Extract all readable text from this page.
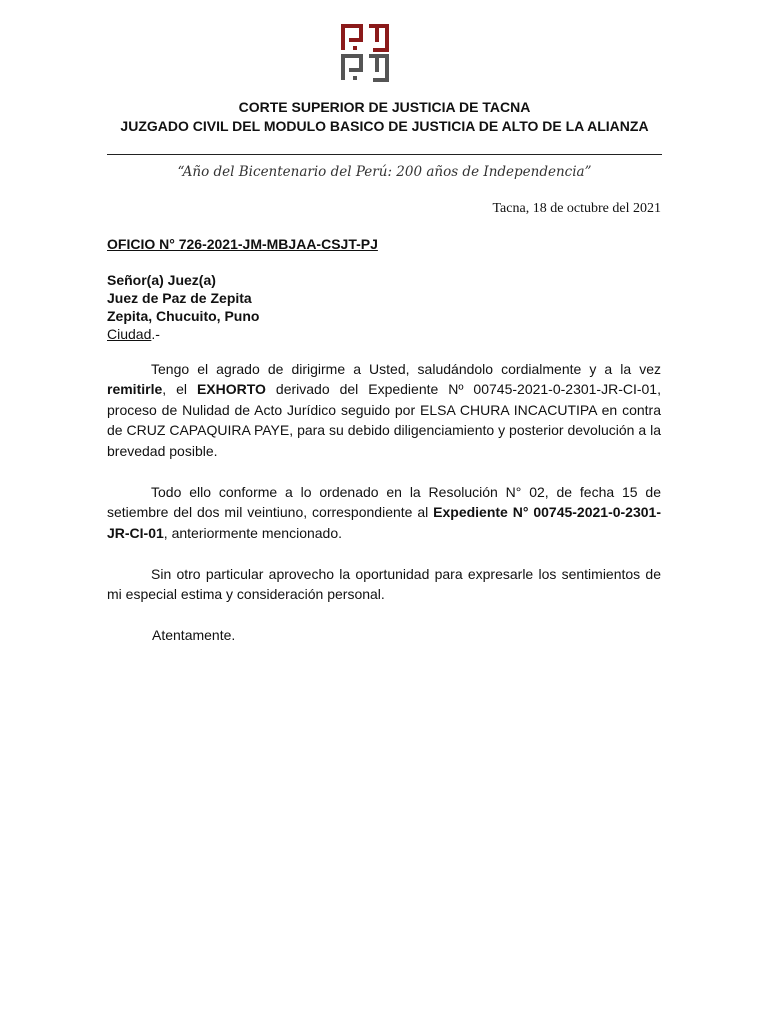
CORTE SUPERIOR DE JUSTICIA DE TACNA
JUZGADO CIVIL DEL MODULO BASICO DE JUSTICIA DE ALTO DE LA ALIANZA
“Año del Bicentenario del Perú: 200 años de Independencia”
Tacna, 18 de octubre del 2021
OFICIO N° 726-2021-JM-MBJAA-CSJT-PJ
Señor(a) Juez(a)
Juez de Paz de Zepita
Zepita, Chucuito, Puno
Ciudad.-
Tengo el agrado de dirigirme a Usted, saludándolo cordialmente y a la vez remitirle, el EXHORTO derivado del Expediente Nº 00745-2021-0-2301-JR-CI-01, proceso de Nulidad de Acto Jurídico seguido por ELSA CHURA INCACUTIPA en contra de CRUZ CAPAQUIRA PAYE, para su debido diligenciamiento y posterior devolución a la brevedad posible.
Todo ello conforme a lo ordenado en la Resolución N° 02, de fecha 15 de setiembre del dos mil veintiuno, correspondiente al Expediente N° 00745-2021-0-2301-JR-CI-01, anteriormente mencionado.
Sin otro particular aprovecho la oportunidad para expresarle los sentimientos de mi especial estima y consideración personal.
Atentamente.
